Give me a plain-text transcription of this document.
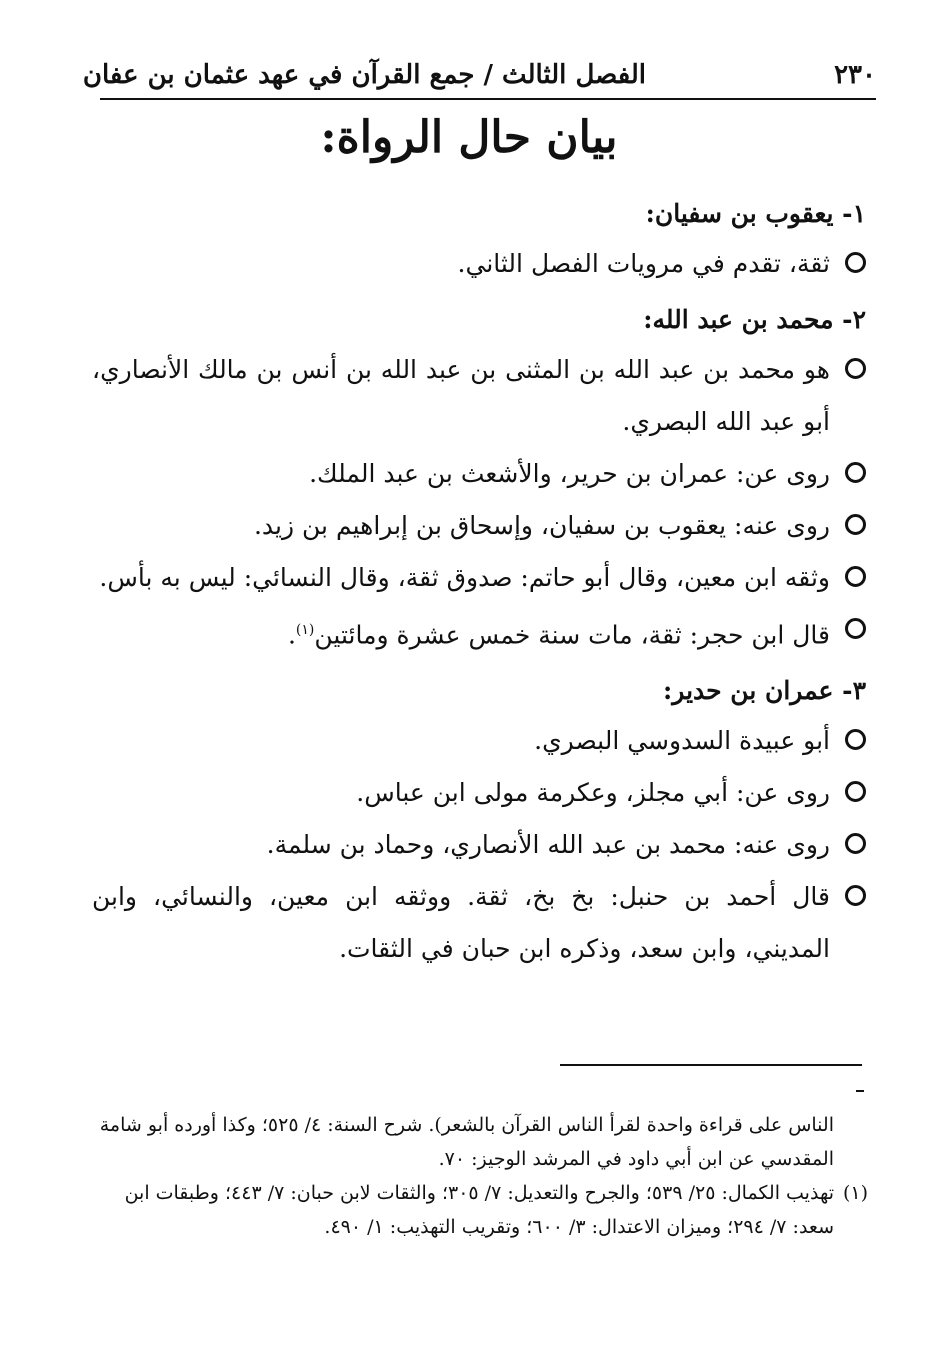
٢٣٠
الفصل الثالث / جمع القرآن في عهد عثمان بن عفان
بيان حال الرواة:
١- يعقوب بن سفيان:
ثقة، تقدم في مرويات الفصل الثاني.
٢- محمد بن عبد الله:
هو محمد بن عبد الله بن المثنى بن عبد الله بن أنس بن مالك الأنصاري، أبو عبد الله البصري.
روى عن: عمران بن حرير، والأشعث بن عبد الملك.
روى عنه: يعقوب بن سفيان، وإسحاق بن إبراهيم بن زيد.
وثقه ابن معين، وقال أبو حاتم: صدوق ثقة، وقال النسائي: ليس به بأس.
قال ابن حجر: ثقة، مات سنة خمس عشرة ومائتين$^{(١)}$.
٣- عمران بن حدير:
أبو عبيدة السدوسي البصري.
روى عن: أبي مجلز، وعكرمة مولى ابن عباس.
روى عنه: محمد بن عبد الله الأنصاري، وحماد بن سلمة.
قال أحمد بن حنبل: بخ بخ، ثقة. ووثقه ابن معين، والنسائي، وابن المديني، وابن سعد، وذكره ابن حبان في الثقات.
الناس على قراءة واحدة لقرأ الناس القرآن بالشعر). شرح السنة: ٤/ ٥٢٥؛ وكذا أورده أبو شامة المقدسي عن ابن أبي داود في المرشد الوجيز: ٧٠.
(١)
تهذيب الكمال: ٢٥/ ٥٣٩؛ والجرح والتعديل: ٧/ ٣٠٥؛ والثقات لابن حبان: ٧/ ٤٤٣؛ وطبقات ابن سعد: ٧/ ٢٩٤؛ وميزان الاعتدال: ٣/ ٦٠٠؛ وتقريب التهذيب: ١/ ٤٩٠.
